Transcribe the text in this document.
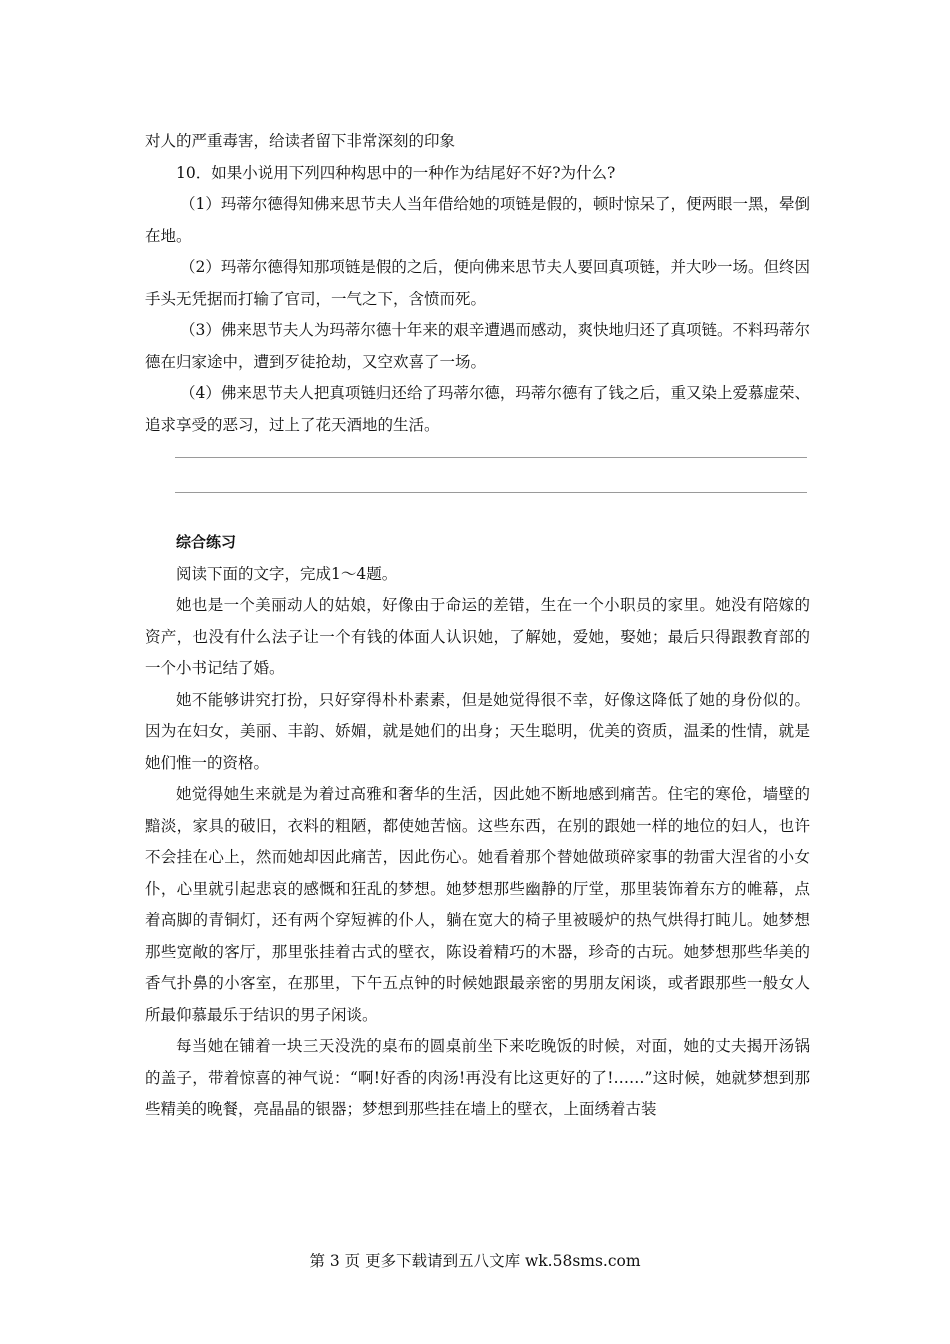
对人的严重毒害，给读者留下非常深刻的印象

10．如果小说用下列四种构思中的一种作为结尾好不好?为什么?

（1）玛蒂尔德得知佛来思节夫人当年借给她的项链是假的，顿时惊呆了，便两眼一黑，晕倒在地。

（2）玛蒂尔德得知那项链是假的之后，便向佛来思节夫人要回真项链，并大吵一场。但终因手头无凭据而打输了官司，一气之下，含愤而死。

（3）佛来思节夫人为玛蒂尔德十年来的艰辛遭遇而感动，爽快地归还了真项链。不料玛蒂尔德在归家途中，遭到歹徒抢劫，又空欢喜了一场。

（4）佛来思节夫人把真项链归还给了玛蒂尔德，玛蒂尔德有了钱之后，重又染上爱慕虚荣、追求享受的恶习，过上了花天酒地的生活。

综合练习

阅读下面的文字，完成1～4题。

她也是一个美丽动人的姑娘，好像由于命运的差错，生在一个小职员的家里。她没有陪嫁的资产，也没有什么法子让一个有钱的体面人认识她，了解她，爱她，娶她；最后只得跟教育部的一个小书记结了婚。

她不能够讲究打扮，只好穿得朴朴素素，但是她觉得很不幸，好像这降低了她的身份似的。因为在妇女，美丽、丰韵、娇媚，就是她们的出身；天生聪明，优美的资质，温柔的性情，就是她们惟一的资格。

她觉得她生来就是为着过高雅和奢华的生活，因此她不断地感到痛苦。住宅的寒伧，墙壁的黯淡，家具的破旧，衣料的粗陋，都使她苦恼。这些东西，在别的跟她一样的地位的妇人，也许不会挂在心上，然而她却因此痛苦，因此伤心。她看着那个替她做琐碎家事的勃雷大涅省的小女仆，心里就引起悲哀的感慨和狂乱的梦想。她梦想那些幽静的厅堂，那里装饰着东方的帷幕，点着高脚的青铜灯，还有两个穿短裤的仆人，躺在宽大的椅子里被暖炉的热气烘得打盹儿。她梦想那些宽敞的客厅，那里张挂着古式的壁衣，陈设着精巧的木器，珍奇的古玩。她梦想那些华美的香气扑鼻的小客室，在那里，下午五点钟的时候她跟最亲密的男朋友闲谈，或者跟那些一般女人所最仰慕最乐于结识的男子闲谈。

每当她在铺着一块三天没洗的桌布的圆桌前坐下来吃晚饭的时候，对面，她的丈夫揭开汤锅的盖子，带着惊喜的神气说：“啊!好香的肉汤!再没有比这更好的了!……”这时候，她就梦想到那些精美的晚餐，亮晶晶的银器；梦想到那些挂在墙上的壁衣，上面绣着古装

第 3 页 更多下载请到五八文库 wk.58sms.com
